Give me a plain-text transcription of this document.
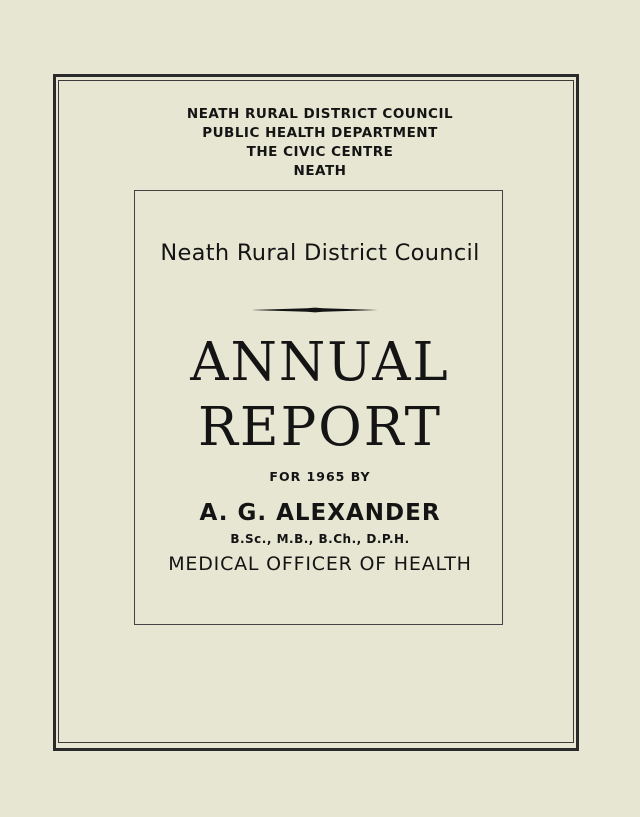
NEATH RURAL DISTRICT COUNCIL
PUBLIC HEALTH DEPARTMENT
THE CIVIC CENTRE
NEATH
Neath Rural District Council
ANNUAL
REPORT
FOR 1965 BY
A. G. ALEXANDER
B.Sc., M.B., B.Ch., D.P.H.
MEDICAL OFFICER OF HEALTH
